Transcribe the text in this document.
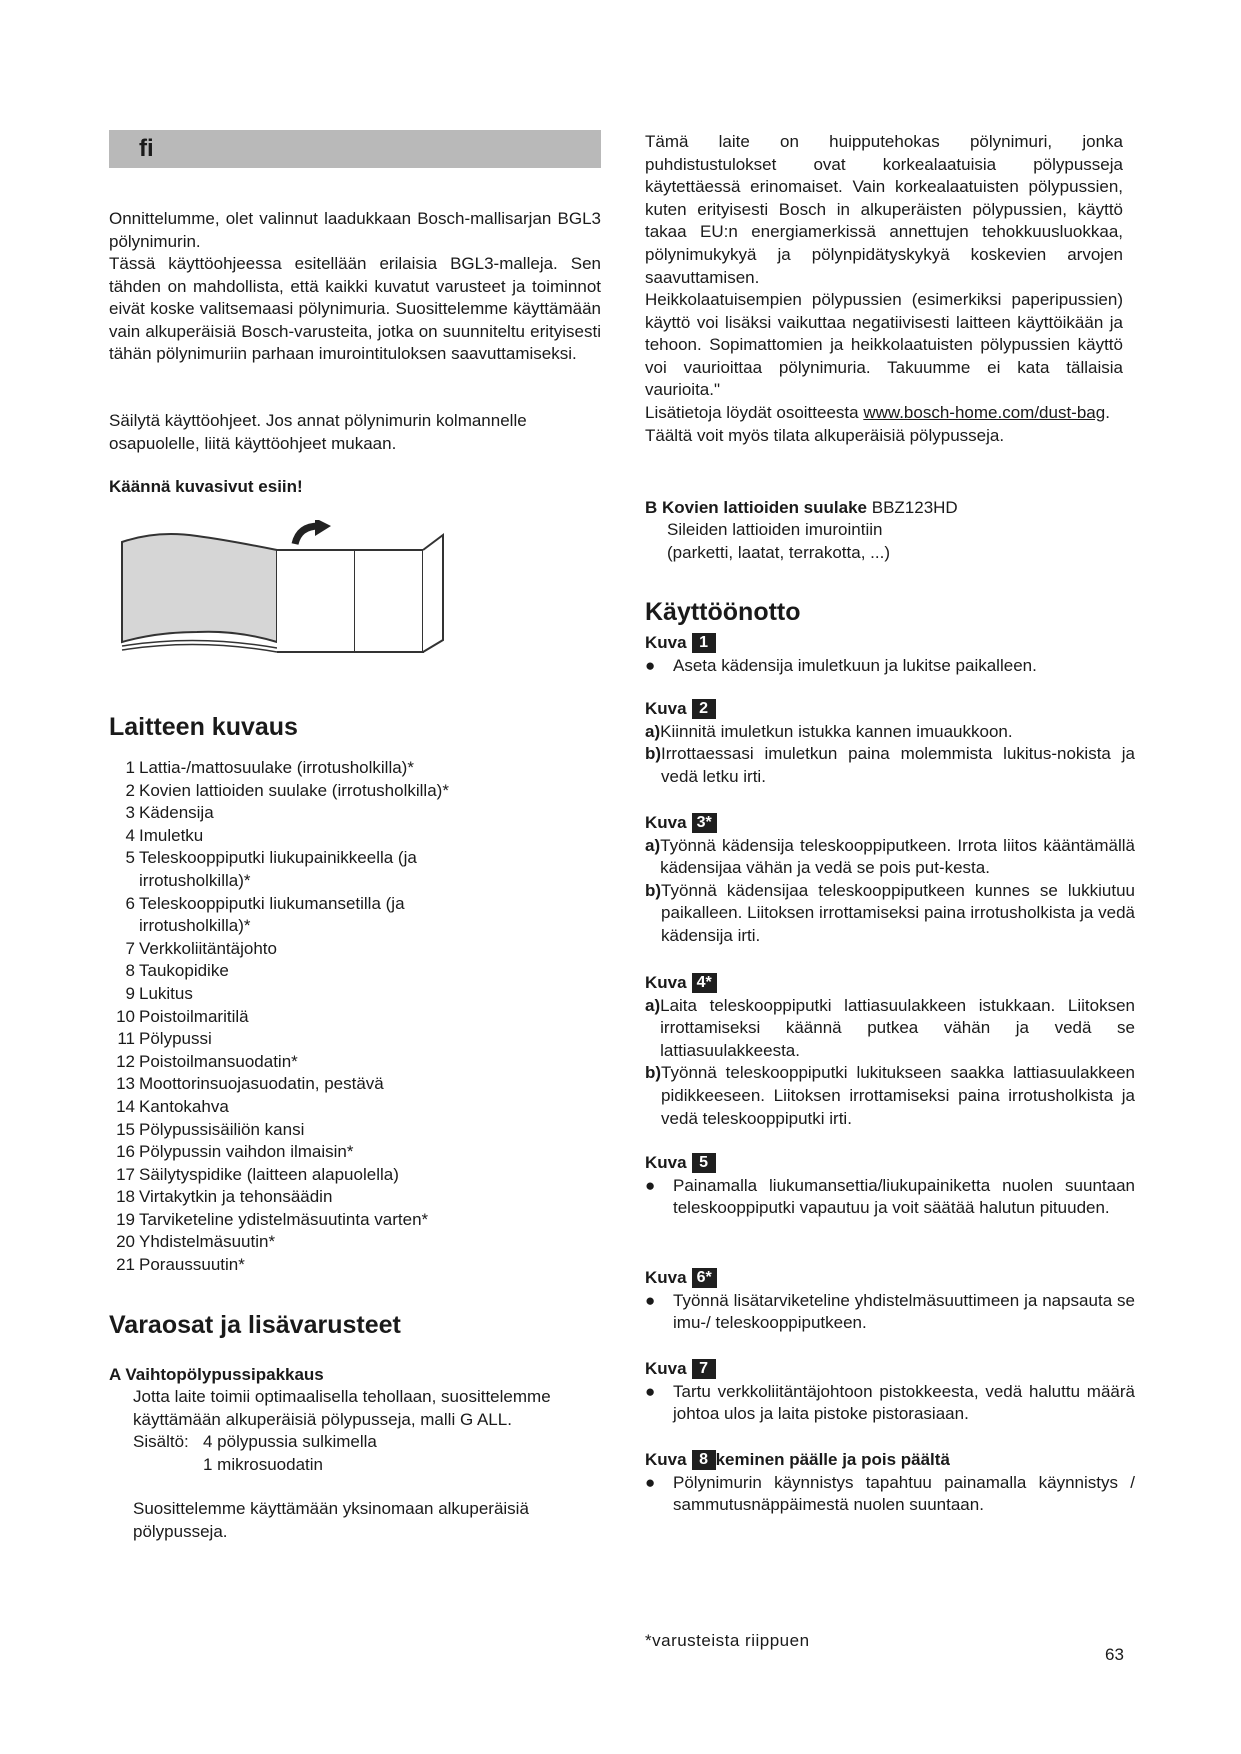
fi

Onnittelumme, olet valinnut laadukkaan Bosch-mallisarjan BGL3 pölynimurin.

Tässä käyttöohjeessa esitellään erilaisia BGL3-malleja. Sen tähden on mahdollista, että kaikki kuvatut varusteet ja toiminnot eivät koske valitsemaasi pölynimuria. Suosittelemme käyttämään vain alkuperäisiä Bosch-varusteita, jotka on suunniteltu erityisesti tähän pölynimuriin parhaan imurointituloksen saavuttamiseksi.

Säilytä käyttöohjeet. Jos annat pölynimurin kolmannelle osapuolelle, liitä käyttöohjeet mukaan.

Käännä kuvasivut esiin!

Laitteen kuvaus
1 Lattia-/mattosuulake (irrotusholkilla)*
2 Kovien lattioiden suulake (irrotusholkilla)*
3 Kädensija
4 Imuletku
5 Teleskooppiputki liukupainikkeella (ja irrotusholkilla)*
6 Teleskooppiputki liukumansetilla (ja irrotusholkilla)*
7 Verkkoliitäntäjohto
8 Taukopidike
9 Lukitus
10 Poistoilmaritilä
11 Pölypussi
12 Poistoilmansuodatin*
13 Moottorinsuojasuodatin, pestävä
14 Kantokahva
15 Pölypussisäiliön kansi
16 Pölypussin vaihdon ilmaisin*
17 Säilytyspidike (laitteen alapuolella)
18 Virtakytkin ja tehonsäädin
19 Tarviketeline ydistelmäsuutinta varten*
20 Yhdistelmäsuutin*
21 Poraussuutin*
Varaosat ja lisävarusteet

A Vaihtopölypussipakkaus

Jotta laite toimii optimaalisella tehollaan, suosittelemme käyttämään alkuperäisiä pölypusseja, malli G ALL.

Sisältö: 4 pölypussia sulkimella

1 mikrosuodatin

Suosittelemme käyttämään yksinomaan alkuperäisiä pölypusseja.

Tämä laite on huipputehokas pölynimuri, jonka puhdistustulokset ovat korkealaatuisia pölypusseja käytettäessä erinomaiset. Vain korkealaatuisten pölypussien, kuten erityisesti Bosch in alkuperäisten pölypussien, käyttö takaa EU:n energiamerkissä annettujen tehokkuusluokkaa, pölynimukykyä ja pölynpidätyskykyä koskevien arvojen saavuttamisen.

Heikkolaatuisempien pölypussien (esimerkiksi paperipussien) käyttö voi lisäksi vaikuttaa negatiivisesti laitteen käyttöikään ja tehoon. Sopimattomien ja heikkolaatuisten pölypussien käyttö voi vaurioittaa pölynimuria. Takuumme ei kata tällaisia vaurioita."

Lisätietoja löydät osoitteesta www.bosch-home.com/dust-bag. Täältä voit myös tilata alkuperäisiä pölypusseja.

B Kovien lattioiden suulake BBZ123HD

Sileiden lattioiden imurointiin

(parketti, laatat, terrakotta, ...)

Käyttöönotto
Kuva 1
●	Aseta kädensija imuletkuun ja lukitse paikalleen.
Kuva 2
a) Kiinnitä imuletkun istukka kannen imuaukkoon.
b) Irrottaessasi imuletkun paina molemmista lukitus-nokista ja vedä letku irti.
Kuva 3*
a) Työnnä kädensija teleskooppiputkeen. Irrota liitos kääntämällä kädensijaa vähän ja vedä se pois put-kesta.
b) Työnnä kädensijaa teleskooppiputkeen kunnes se lukkiutuu paikalleen. Liitoksen irrottamiseksi paina irrotusholkista ja vedä kädensija irti.
Kuva 4*
a) Laita teleskooppiputki lattiasuulakkeen istukkaan. Liitoksen irrottamiseksi käännä putkea vähän ja vedä se lattiasuulakkeesta.
b) Työnnä teleskooppiputki lukitukseen saakka lattiasuulakkeen pidikkeeseen. Liitoksen irrottamiseksi paina irrotusholkista ja vedä teleskooppiputki irti.
Kuva 5
●	Painamalla liukumansettia/liukupainiketta nuolen suuntaan teleskooppiputki vapautuu ja voit säätää halutun pituuden.
Kuva 6*
●	Työnnä lisätarviketeline yhdistelmäsuuttimeen ja napsauta se imu-/ teleskooppiputkeen.
Kuva 7
●	Tartu verkkoliitäntäjohtoon pistokkeesta, vedä haluttu määrä johtoa ulos ja laita pistoke pistorasiaan.
Kuva 8 keminen päälle ja pois päältä
●	Pölynimurin käynnistys tapahtuu painamalla käynnistys / sammutusnäppäimestä nuolen suuntaan.
*varusteista riippuen
63
